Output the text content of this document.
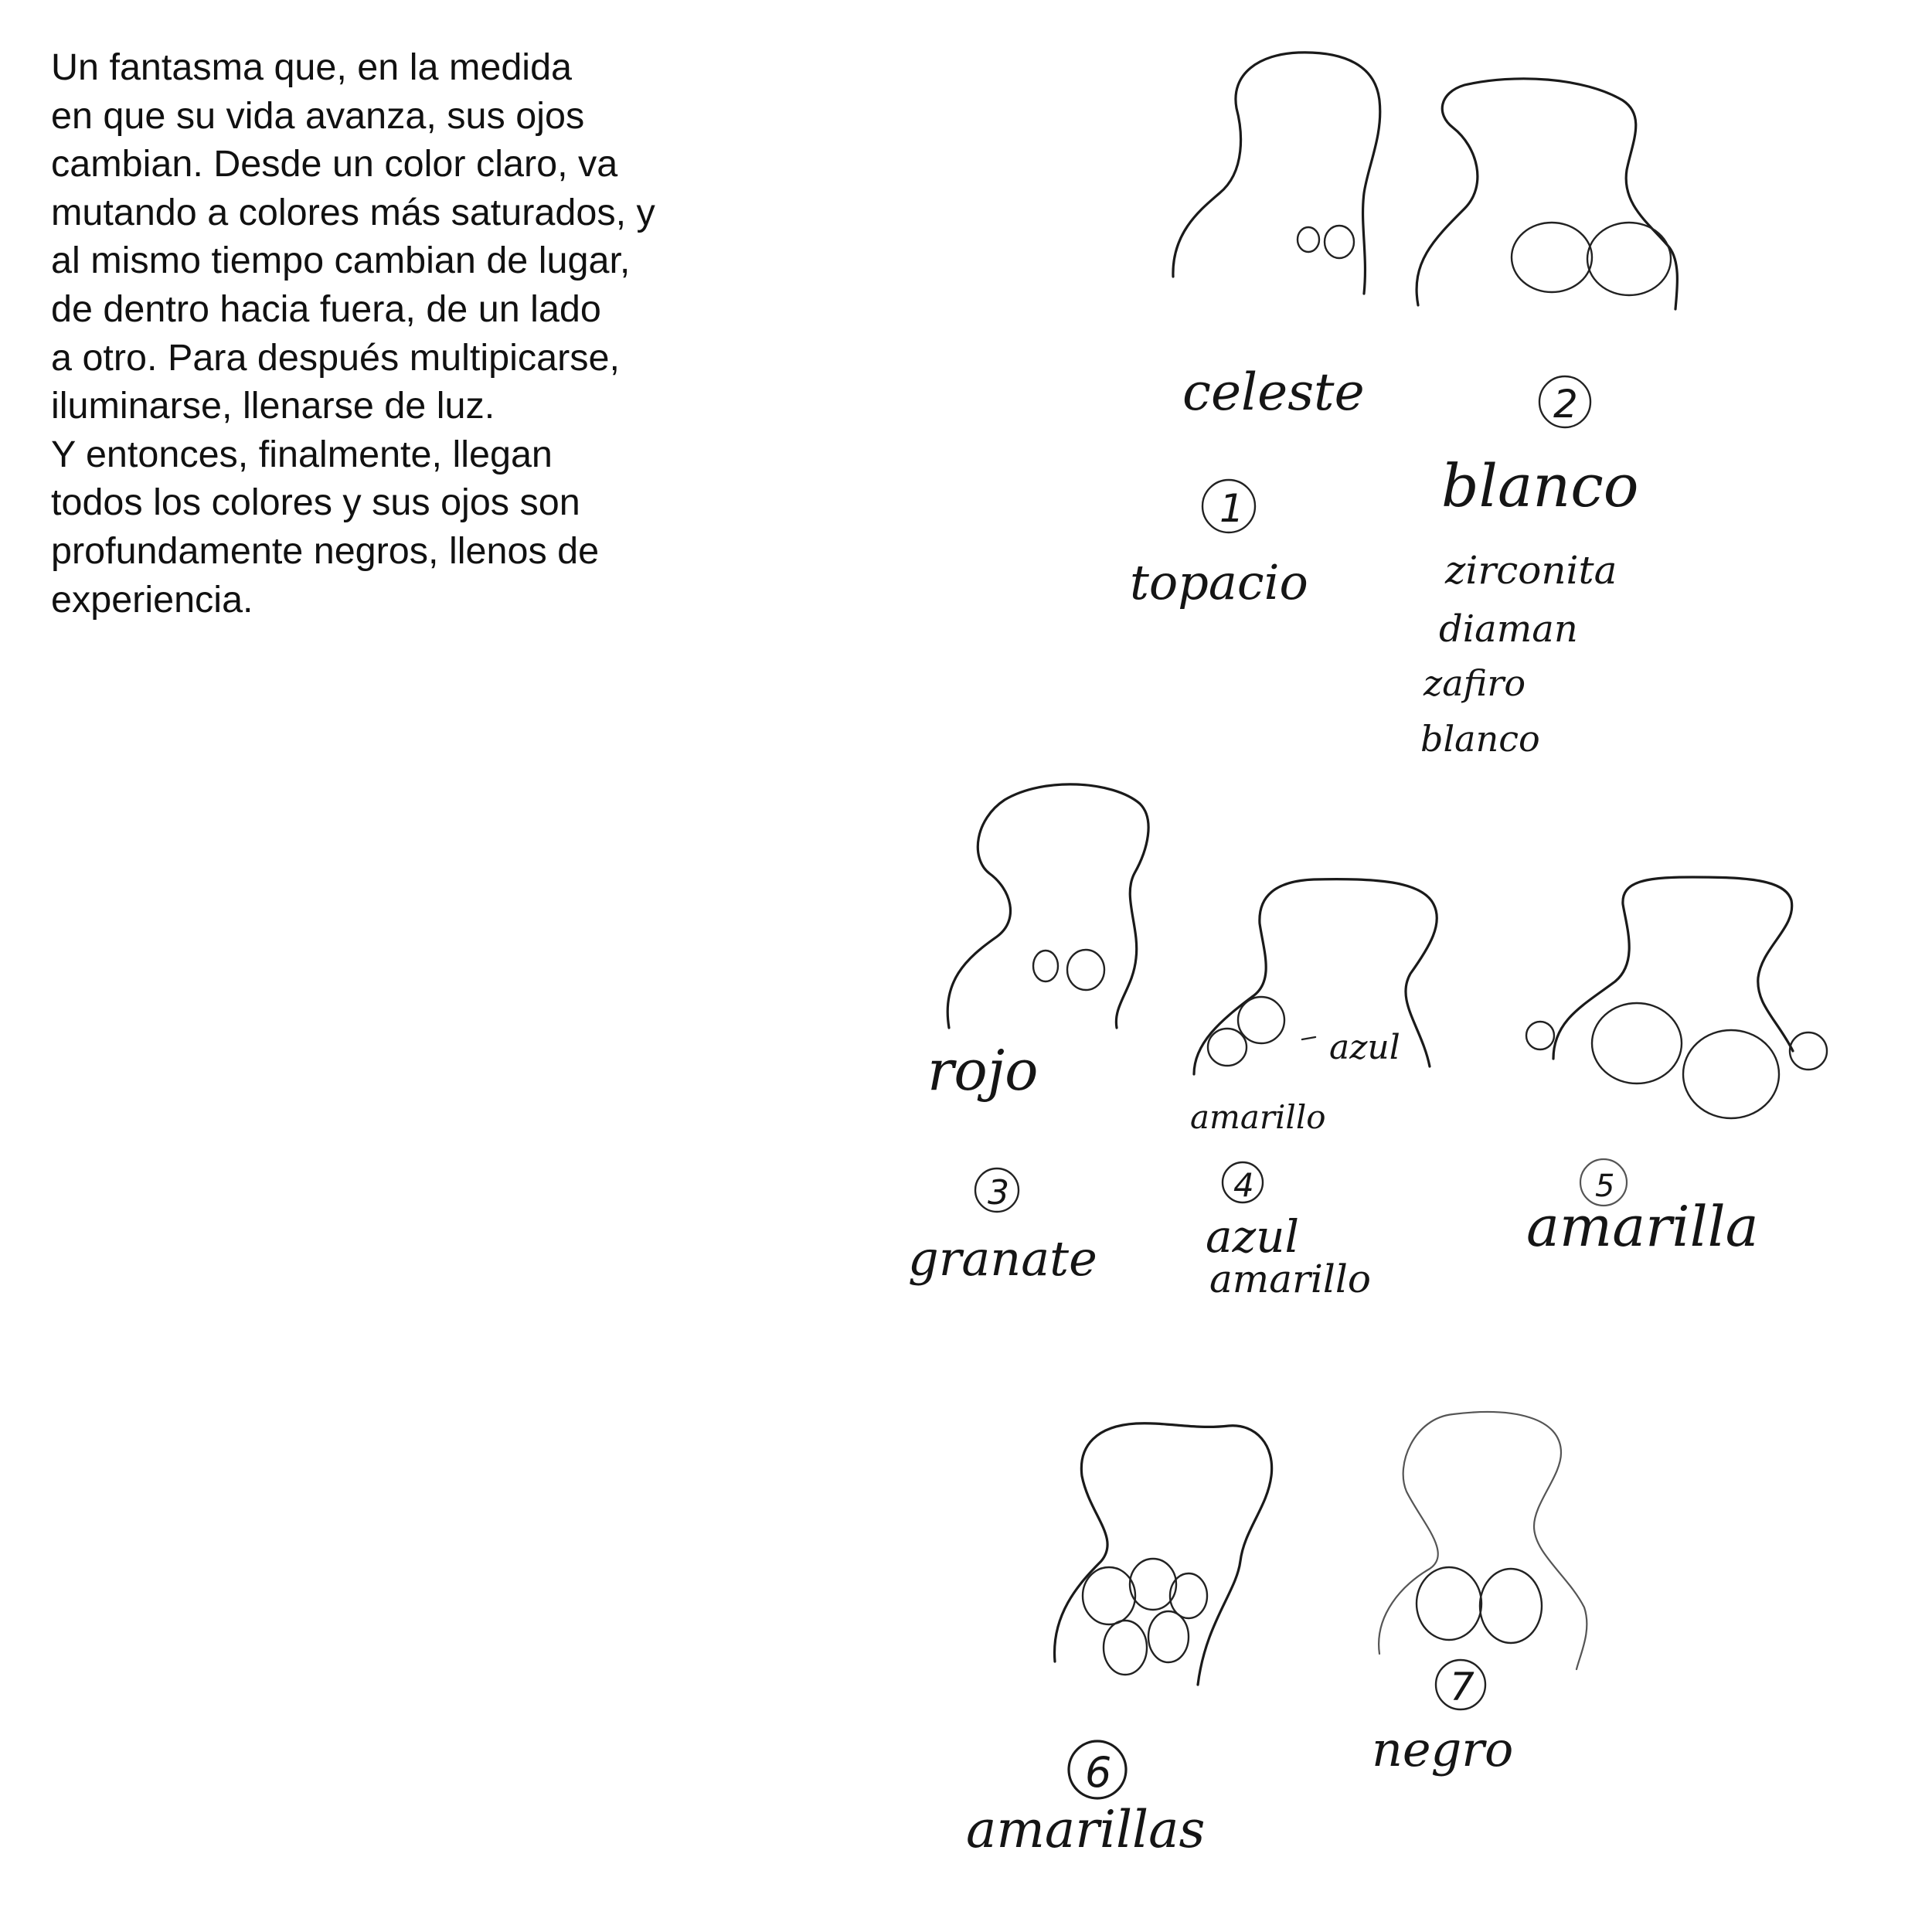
Un fantasma que, en la medida
en que su vida avanza, sus ojos
cambian. Desde un color claro, va
mutando a colores más saturados, y
al mismo tiempo cambian de lugar,
de dentro hacia fuera, de un lado
a otro. Para después multipicarse,
iluminarse, llenarse de luz.
Y entonces, finalmente, llegan
todos los colores y sus ojos son
profundamente negros, llenos de
experiencia.
celeste
1
topacio
2
blanco
zirconita
diaman
zafiro
blanco
rojo
3
granate
azul
amarillo
4
azul
amarillo
5
amarilla
6
amarillas
7
negro
